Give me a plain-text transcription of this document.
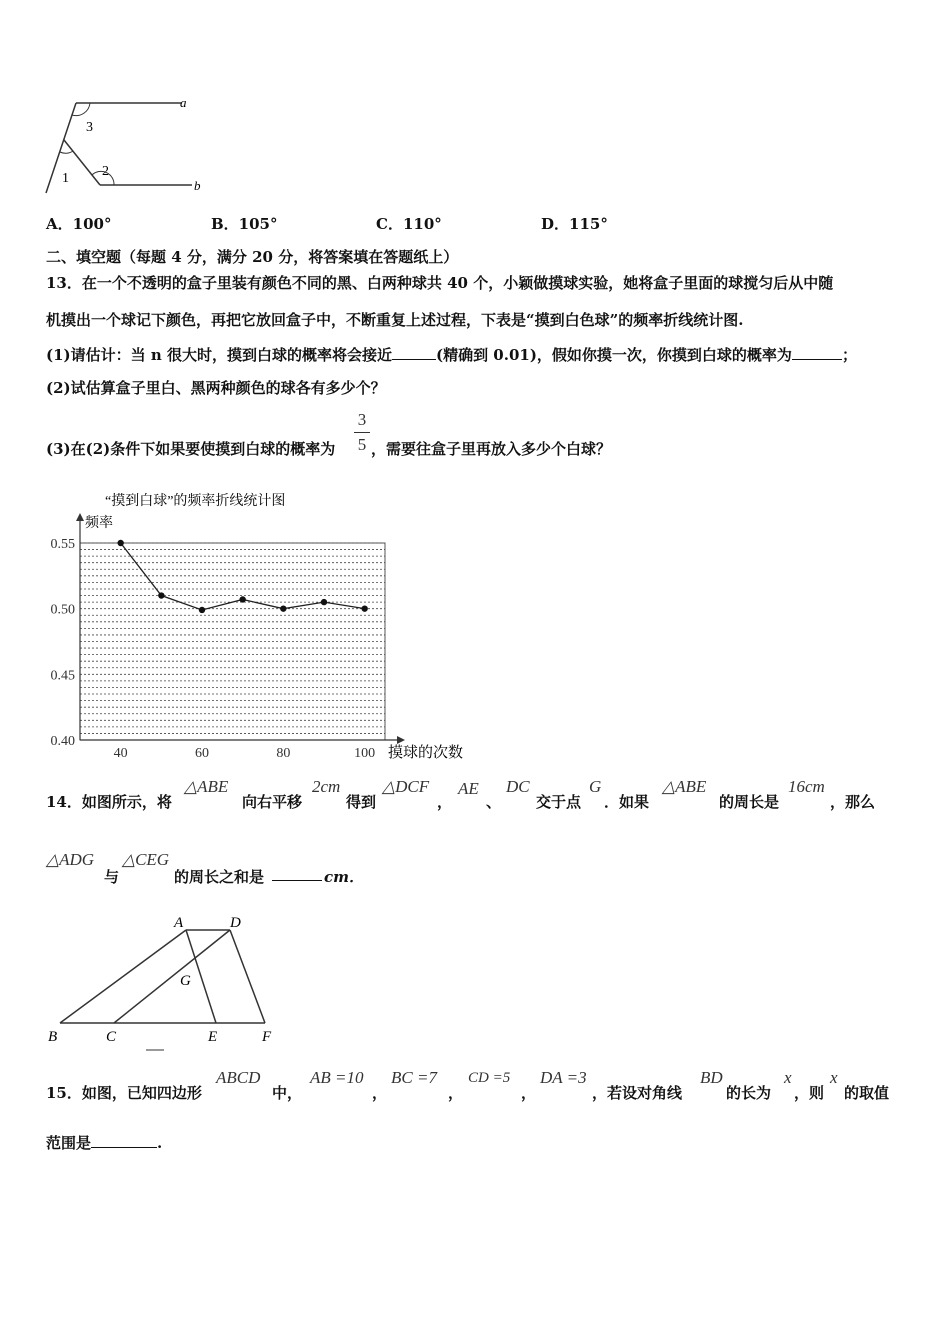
a
b
3
1 2
A．100°	B．105°	C．110°	D．115°
二、填空题（每题 4 分，满分 20 分，将答案填在答题纸上）
13．在一个不透明的盒子里装有颜色不同的黑、白两种球共 40 个，小颖做摸球实验，她将盒子里面的球搅匀后从中随
机摸出一个球记下颜色，再把它放回盒子中，不断重复上述过程，下表是“摸到白色球”的频率折线统计图.
(1)请估计：当 n 很大时，摸到白球的概率将会接近	(精确到 0.01)，假如你摸一次，你摸到白球的概率为	；
(2)试估算盒子里白、黑两种颜色的球各有多少个？
(3)在(2)条件下如果要使摸到白球的概率为
3
5 ，需要往盒子里再放入多少个白球？
“摸到白球”的频率折线统计图
频率
摸球的次数
40	60	80	100
0.55
0.50
0.45
0.40
14．如图所示，将
△ABE
向右平移
2cm
得到
△DCF
，
AE
、
DC
交于点
G
．如果
△ABE
的周长是
16cm
，那么
△ADG
与
△CEG
的周长之和是	cm．
A	D
G
B	C	E	F
15．如图，已知四边形
ABCD
中，
AB =10
，
BC =7
，
CD =5
，
DA =3
，若设对角线
BD
的长为
x
，则
x
的取值
范围是	.
